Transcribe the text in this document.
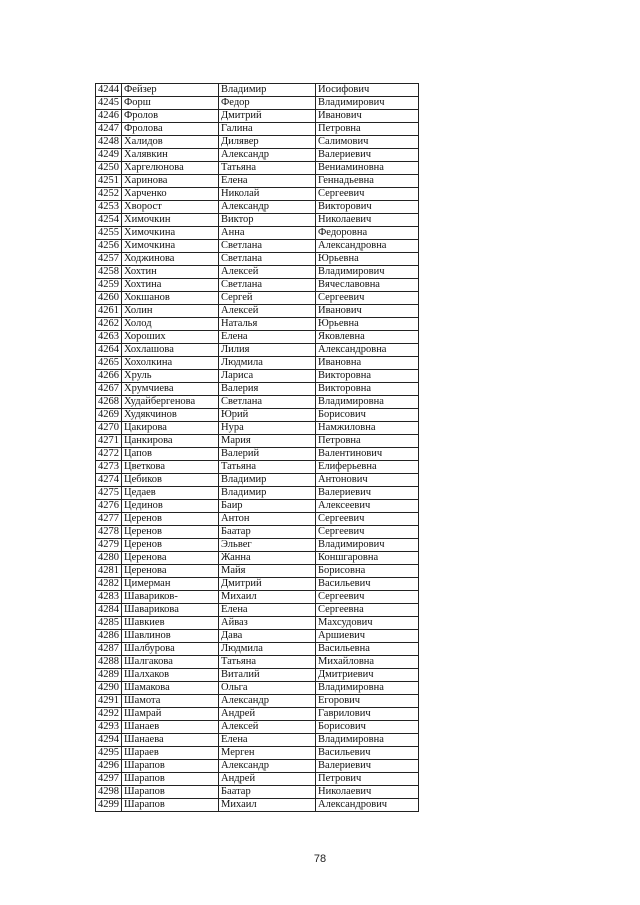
4244	Фейзер	Владимир	Иосифович
4245	Форш	Федор	Владимирович
4246	Фролов	Дмитрий	Иванович
4247	Фролова	Галина	Петровна
4248	Халидов	Дилявер	Салимович
4249	Халявкин	Александр	Валериевич
4250	Харгелюнова	Татьяна	Вениаминовна
4251	Харинова	Елена	Геннадьевна
4252	Харченко	Николай	Сергеевич
4253	Хворост	Александр	Викторович
4254	Химочкин	Виктор	Николаевич
4255	Химочкина	Анна	Федоровна
4256	Химочкина	Светлана	Александровна
4257	Ходжинова	Светлана	Юрьевна
4258	Хохтин	Алексей	Владимирович
4259	Хохтина	Светлана	Вячеславовна
4260	Хокшанов	Сергей	Сергеевич
4261	Холин	Алексей	Иванович
4262	Холод	Наталья	Юрьевна
4263	Хороших	Елена	Яковлевна
4264	Хохлашова	Лилия	Александровна
4265	Хохолкина	Людмила	Ивановна
4266	Хруль	Лариса	Викторовна
4267	Хрумчиева	Валерия	Викторовна
4268	Худайбергенова	Светлана	Владимировна
4269	Худякчинов	Юрий	Борисович
4270	Цакирова	Нура	Намжиловна
4271	Цанкирова	Мария	Петровна
4272	Цапов	Валерий	Валентинович
4273	Цветкова	Татьяна	Елиферьевна
4274	Цебиков	Владимир	Антонович
4275	Цедаев	Владимир	Валериевич
4276	Цединов	Баир	Алексеевич
4277	Церенов	Антон	Сергеевич
4278	Церенов	Баатар	Сергеевич
4279	Церенов	Эльвег	Владимирович
4280	Церенова	Жанна	Коншгаровна
4281	Церенова	Майя	Борисовна
4282	Цимерман	Дмитрий	Васильевич
4283	Шавариков-	Михаил	Сергеевич
4284	Шаварикова	Елена	Сергеевна
4285	Шавкиев	Айваз	Махсудович
4286	Шавлинов	Дава	Аршиевич
4287	Шалбурова	Людмила	Васильевна
4288	Шалгакова	Татьяна	Михайловна
4289	Шалхаков	Виталий	Дмитриевич
4290	Шамакова	Ольга	Владимировна
4291	Шамота	Александр	Егорович
4292	Шамрай	Андрей	Гаврилович
4293	Шанаев	Алексей	Борисович
4294	Шанаева	Елена	Владимировна
4295	Шараев	Мерген	Васильевич
4296	Шарапов	Александр	Валериевич
4297	Шарапов	Андрей	Петрович
4298	Шарапов	Баатар	Николаевич
4299	Шарапов	Михаил	Александрович
78
